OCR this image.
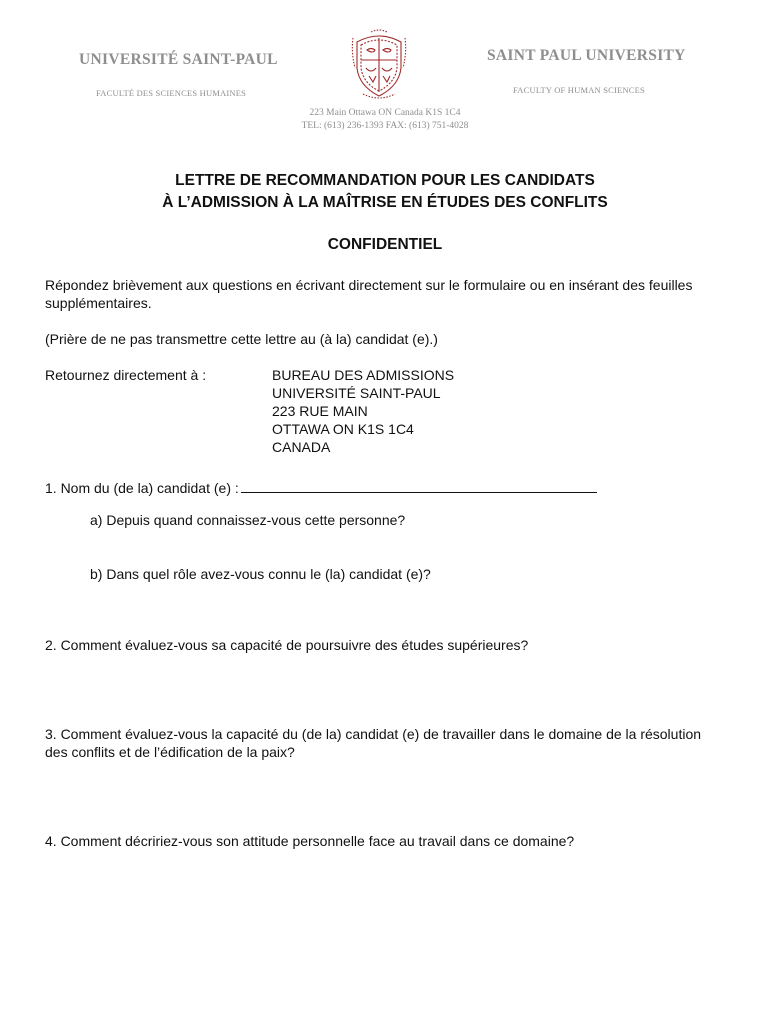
UNIVERSITÉ SAINT-PAUL
FACULTÉ DES SCIENCES HUMAINES
SAINT PAUL UNIVERSITY
FACULTY OF HUMAN SCIENCES
223 Main Ottawa ON Canada K1S 1C4
TEL: (613) 236-1393 FAX: (613) 751-4028
LETTRE DE RECOMMANDATION POUR LES CANDIDATS
À L’ADMISSION À LA MAÎTRISE EN ÉTUDES DES CONFLITS
CONFIDENTIEL
Répondez brièvement aux questions en écrivant directement sur le formulaire ou en insérant des feuilles supplémentaires.
(Prière de ne pas transmettre cette lettre au (à la) candidat (e).)
Retournez directement à :	BUREAU DES ADMISSIONS
UNIVERSITÉ SAINT-PAUL
223 RUE MAIN
OTTAWA ON K1S 1C4
CANADA
1. Nom du (de la) candidat (e) :
a) Depuis quand connaissez-vous cette personne?
b) Dans quel rôle avez-vous connu le (la) candidat (e)?
2. Comment évaluez-vous sa capacité de poursuivre des études supérieures?
3. Comment évaluez-vous la capacité du (de la) candidat (e) de travailler dans le domaine de la résolution des conflits et de l’édification de la paix?
4. Comment décririez-vous son attitude personnelle face au travail dans ce domaine?
